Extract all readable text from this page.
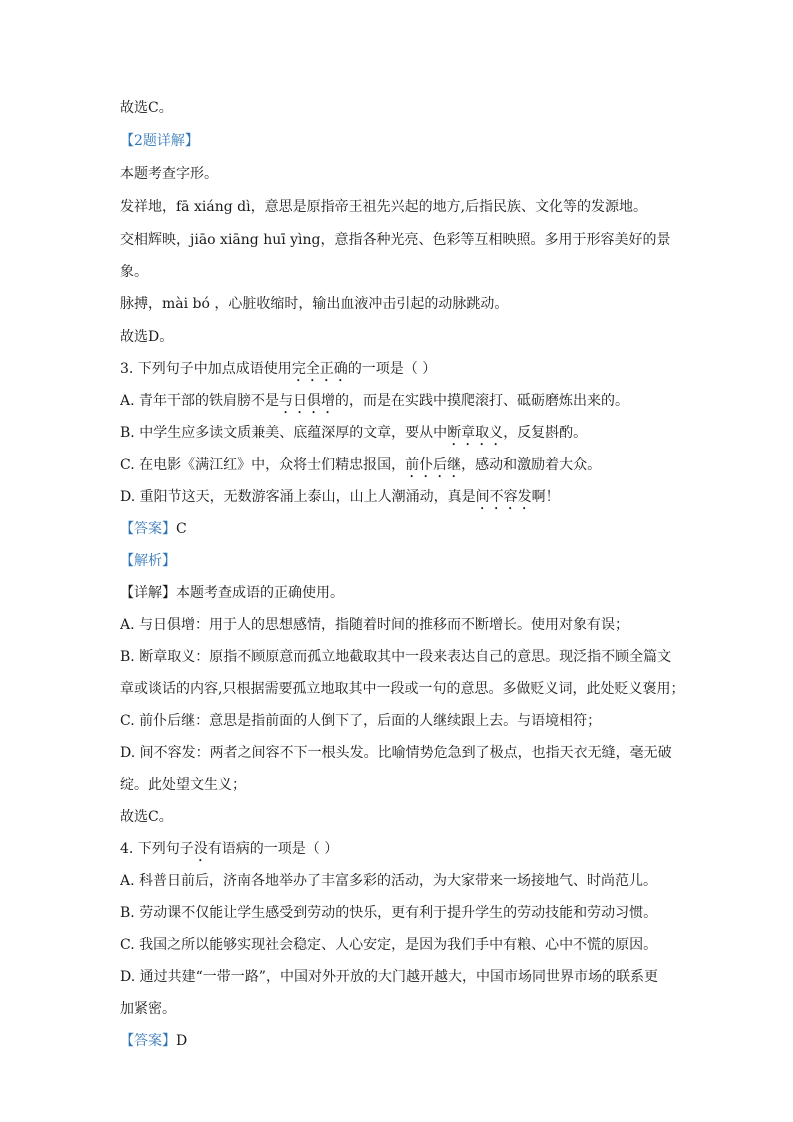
故选C。
【2题详解】
本题考查字形。
发祥地，fā xiáng dì，意思是原指帝王祖先兴起的地方,后指民族、文化等的发源地。
交相辉映，jiāo xiāng huī yìng，意指各种光亮、色彩等互相映照。多用于形容美好的景
象。
脉搏，mài bó ，心脏收缩时，输出血液冲击引起的动脉跳动。
故选D。
3. 下列句子中加点成语使用完全正确的一项是（ ）
A. 青年干部的铁肩膀不是与日俱增的，而是在实践中摸爬滚打、砥砺磨炼出来的。
B. 中学生应多读文质兼美、底蕴深厚的文章，要从中断章取义，反复斟酌。
C. 在电影《满江红》中，众将士们精忠报国，前仆后继，感动和激励着大众。
D. 重阳节这天，无数游客涌上泰山，山上人潮涌动，真是间不容发啊！
【答案】C
【解析】
【详解】本题考查成语的正确使用。
A. 与日俱增：用于人的思想感情，指随着时间的推移而不断增长。使用对象有误；
B. 断章取义：原指不顾原意而孤立地截取其中一段来表达自己的意思。现泛指不顾全篇文
章或谈话的内容,只根据需要孤立地取其中一段或一句的意思。多做贬义词，此处贬义褒用；
C. 前仆后继：意思是指前面的人倒下了，后面的人继续跟上去。与语境相符；
D. 间不容发：两者之间容不下一根头发。比喻情势危急到了极点，也指天衣无缝，毫无破
绽。此处望文生义；
故选C。
4. 下列句子没有语病的一项是（ ）
A. 科普日前后，济南各地举办了丰富多彩的活动，为大家带来一场接地气、时尚范儿。
B. 劳动课不仅能让学生感受到劳动的快乐，更有利于提升学生的劳动技能和劳动习惯。
C. 我国之所以能够实现社会稳定、人心安定，是因为我们手中有粮、心中不慌的原因。
D. 通过共建“一带一路”，中国对外开放的大门越开越大，中国市场同世界市场的联系更
加紧密。
【答案】D
